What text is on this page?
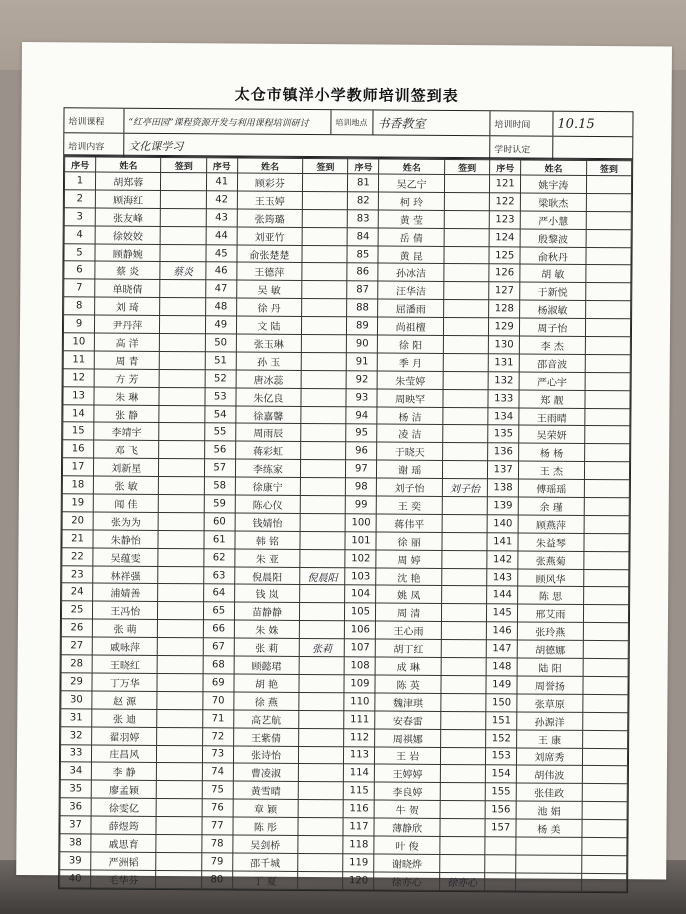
太仓市镇洋小学教师培训签到表
培训课程	“红亭田园”课程资源开发与利用课程培训研讨	培训地点 书香教室	培训时间	10.15
培训内容	文化课学习	学时认定
序号	姓名	签到	序号	姓名	签到	序号	姓名	签到	序号	姓名	签到
1	胡郑蓉		41	顾彩芬		81	吴乙宁		121	姚宇涛	
2	顾海红		42	王玉婷		82	柯 玲		122	梁耿杰	
3	张友峰		43	张筠璐		83	黄 莹		123	严小慧	
4	徐姣姣		44	刘亚竹		84	岳 倩		124	殷黎波	
5	顾静婉		45	俞张楚楚		85	黄 昆		125	俞秋丹	
6	蔡 炎	蔡炎	46	王德萍		86	孙冰洁		126	胡 敏	
7	单晓倩		47	吴 敏		87	汪华洁		127	于新悦	
8	刘 琦		48	徐 丹		88	屈潘雨		128	杨淑敏	
9	尹丹萍		49	文 陆		89	尚祖檀		129	周子怡	
10	高 洋		50	张玉琳		90	徐 阳		130	李 杰	
11	周 青		51	孙 玉		91	季 月		131	邵音波	
12	方 芳		52	唐冰蕊		92	朱莹婷		132	严心宇	
13	朱 琳		53	朱亿良		93	周映罕		133	郑 靓	
14	张 静		54	徐嘉馨		94	杨 洁		134	王雨晴	
15	李靖宇		55	周雨辰		95	凌 洁		135	吴荣妍	
16	邓 飞		56	蒋彩虹		96	于晓天		136	杨 杨	
17	刘新星		57	李练家		97	谢 瑶		137	王 杰	
18	张 敏		58	徐康宁		98	刘子怡	刘子怡	138	傅瑶瑶	
19	闻 佳		59	陈心仪		99	王 奕		139	余 瑾	
20	张为为		60	钱婧怡		100	蒋伟平		140	顾燕萍	
21	朱静怡		61	韩 铭		101	徐 丽		141	朱益琴	
22	吴蕴雯		62	朱 亚		102	周 婷		142	张燕菊	
23	林祥强		63	倪晨阳	倪晨阳	103	沈 艳		143	顾风华	
24	浦婧善		64	钱 岚		104	姚 凤		144	陈 思	
25	王冯怡		65	苗静静		105	周 清		145	邢艾雨	
26	张 萌		66	朱 姝		106	王心雨		146	张玲燕	
27	戚咏萍		67	张 莉	张莉	107	胡丁红		147	胡德娜	
28	王晓红		68	顾懿珺		108	成 琳		148	陆 阳	
29	丁万华		69	胡 艳		109	陈 英		149	周誉扬	
30	赵 源		70	徐 燕		110	魏津琪		150	张草原	
31	张 迪		71	高艺航		111	安春雷		151	孙源洋	
32	翟羽婷		72	王紫倩		112	周祺娜		152	王 康	
33	庄昌风		73	张诗怡		113	王 岩		153	刘席秀	
34	李 静		74	曹凌淑		114	王婷婷		154	胡伟波	
35	廖孟颖		75	黄雪晴		115	李良婷		155	张佳政	
36	徐雯亿		76	章 颖		116	牛 贺		156	池 娟	
37	薛煜筠		77	陈 彤		117	薄静欣		157	杨 美	
38	戚思育		78	吴剑桥		118	叶 俊				
39	严洲韬		79	邵千城		119	谢晓烨				
40	毛华芬		80	丁 夏		120	徐亦心	徐亦心			
